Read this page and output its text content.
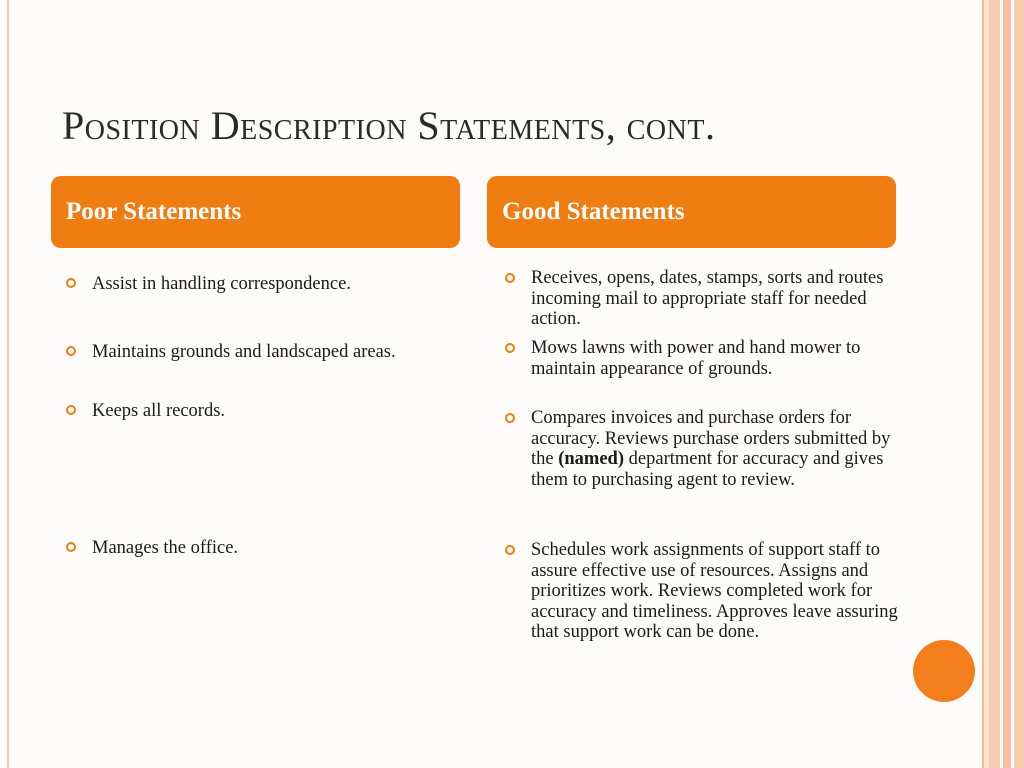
Position Description Statements, cont.
Poor Statements	Good Statements
Assist in handling correspondence.
Maintains grounds and landscaped areas.
Keeps all records.
Manages the office.
Receives, opens, dates, stamps, sorts and routes incoming mail to appropriate staff for needed action.
Mows lawns with power and hand mower to maintain appearance of grounds.
Compares invoices and purchase orders for accuracy. Reviews purchase orders submitted by the (named) department for accuracy and gives them to purchasing agent to review.
Schedules work assignments of support staff to assure effective use of resources. Assigns and prioritizes work. Reviews completed work for accuracy and timeliness. Approves leave assuring that support work can be done.
